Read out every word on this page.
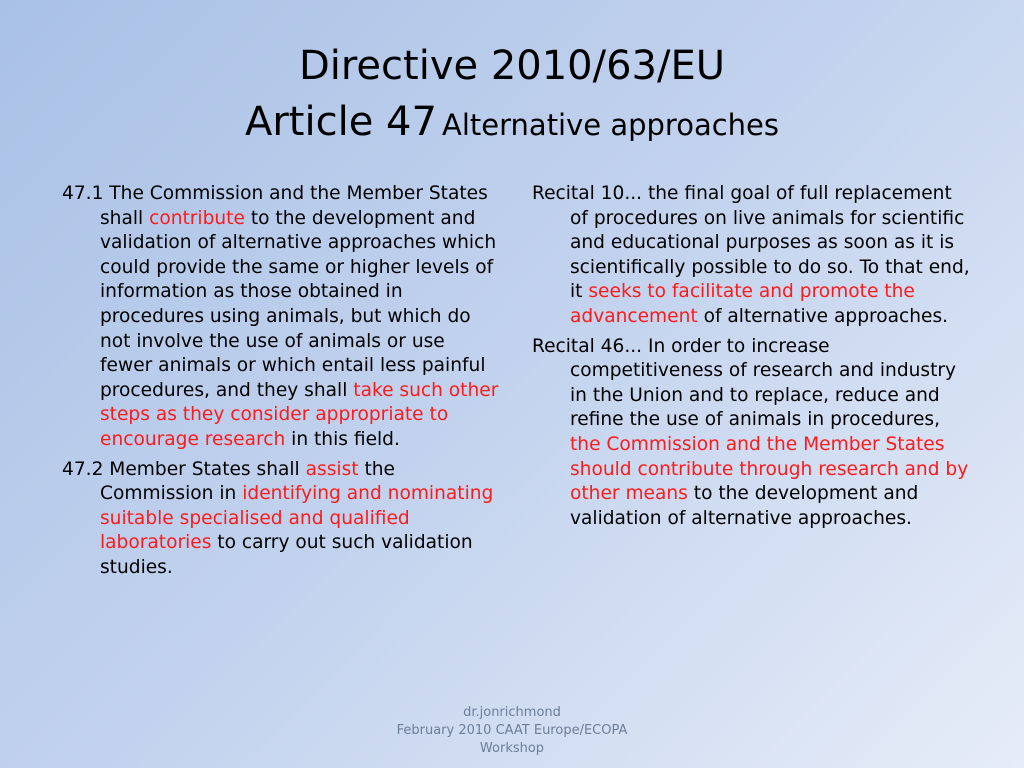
Directive 2010/63/EU
Article 47 Alternative approaches

47.1 The Commission and the Member States shall contribute to the development and validation of alternative approaches which could provide the same or higher levels of information as those obtained in procedures using animals, but which do not involve the use of animals or use fewer animals or which entail less painful procedures, and they shall take such other steps as they consider appropriate to encourage research in this field.

47.2 Member States shall assist the Commission in identifying and nominating suitable specialised and qualified laboratories to carry out such validation studies.

Recital 10... the final goal of full replacement of procedures on live animals for scientific and educational purposes as soon as it is scientifically possible to do so. To that end, it seeks to facilitate and promote the advancement of alternative approaches.

Recital 46... In order to increase competitiveness of research and industry in the Union and to replace, reduce and refine the use of animals in procedures, the Commission and the Member States should contribute through research and by other means to the development and validation of alternative approaches.

dr.jonrichmond
February 2010 CAAT Europe/ECOPA
Workshop
